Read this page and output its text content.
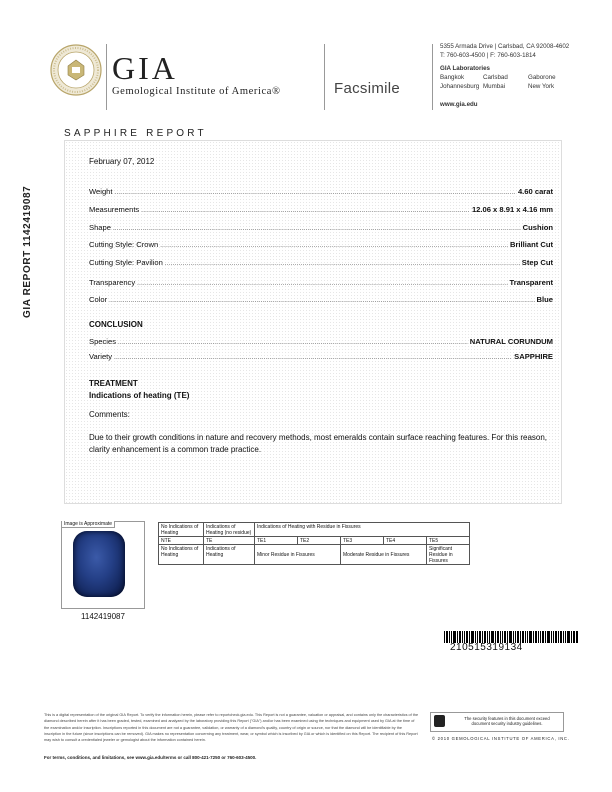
GIA
Gemological Institute of America®	Facsimile
5355 Armada Drive | Carlsbad, CA 92008-4602
T: 760-603-4500 | F: 760-603-1814
GIA Laboratories
Bangkok	Carlsbad	Gaborone
Johannesburg Mumbai	New York
www.gia.edu
SAPPHIRE REPORT
GIA REPORT 1142419087
February 07, 2012
Weight .....	4.60 carat
Measurements .....	12.06 x 8.91 x 4.16 mm
Shape .....	Cushion
Cutting Style: Crown .....	Brilliant Cut
Cutting Style: Pavilion .....	Step Cut
Transparency .....	Transparent
Color .....	Blue
CONCLUSION
Species .....	NATURAL CORUNDUM
Variety .....	SAPPHIRE
TREATMENT
Indications of heating (TE)
Comments:
Due to their growth conditions in nature and recovery methods, most emeralds contain surface reaching features. For this reason, clarity enhancement is a common trade practice.
Image is Approximate
1142419087
No Indications of Heating	Indications of Heating (no residue)	Indications of Heating with Residue in Fissures				
NTE	TE	TE1	TE2	TE3	TE4	TE5
No Indications of Heating	Indications of Heating	Minor Residue in Fissures		Moderate Residue in Fissures		Significant Residue in Fissures
210515319134
This is a digital representation of the original GIA Report. To verify the information herein, please refer to reportcheck.gia.edu. This Report is not a guarantee, valuation or appraisal, and contains only the characteristics of the diamond described herein after it has been graded, tested, examined and analyzed by the laboratory providing this Report ("GIA") and/or has been examined using the techniques and equipment used by GIA at the time of the examination and/or inscription. Inscriptions reported in this document are not a guarantee, validation, or warranty of a diamond's quality, country of origin or source, nor that the diamond will be identifiable by the inscription in the future (since inscriptions can be removed). GIA makes no representation concerning any treatment, wear, or symbol which is inscribed by GIA or which is identified on this Report. The recipient of this Report may wish to consult a credentialed jeweler or gemologist about the information contained herein.
For terms, conditions, and limitations, see www.gia.edu/terms or call 800-421-7250 or 760-603-4500.
The security features in this document exceed document security industry guidelines.
© 2010 GEMOLOGICAL INSTITUTE OF AMERICA, INC.
